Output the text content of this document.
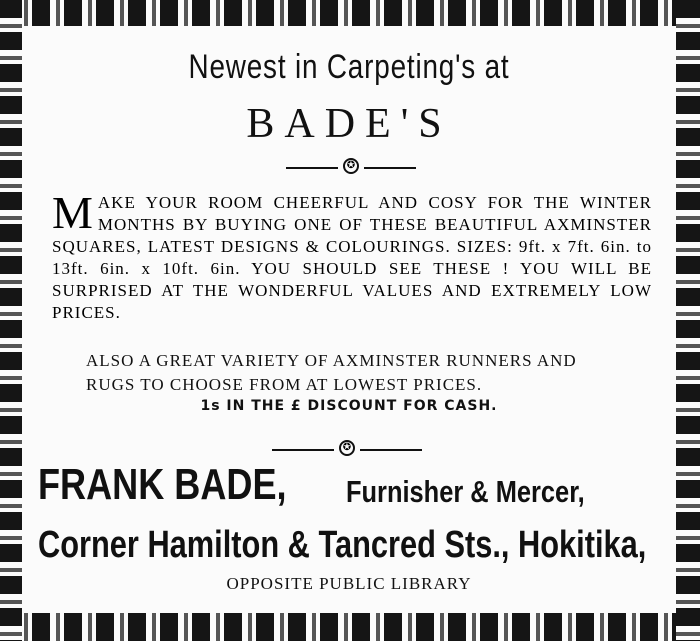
Newest in Carpeting's at

BADE'S

✪
M AKE YOUR ROOM CHEERFUL AND COSY FOR THE WINTER MONTHS BY BUYING ONE OF THESE BEAUTIFUL AXMINSTER SQUARES, LATEST DESIGNS & COLOURINGS. SIZES: 9ft. x 7ft. 6in. to 13ft. 6in. x 10ft. 6in. YOU SHOULD SEE THESE ! YOU WILL BE SURPRISED AT THE WONDERFUL VALUES AND EXTREMELY LOW PRICES.

ALSO A GREAT VARIETY OF AXMINSTER RUNNERS AND

RUGS TO CHOOSE FROM AT LOWEST PRICES.

1s IN THE £ DISCOUNT FOR CASH.

✪

FRANK BADE, Furnisher & Mercer,

Corner Hamilton & Tancred Sts., Hokitika,

OPPOSITE PUBLIC LIBRARY
